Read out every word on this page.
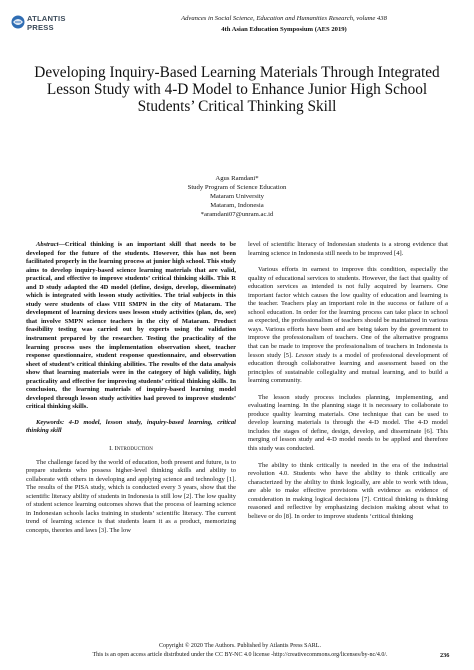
ATLANTIS
PRESS
Advances in Social Science, Education and Humanities Research, volume 438
4th Asian Education Symposium (AES 2019)
Developing Inquiry-Based Learning Materials Through Integrated Lesson Study with 4-D Model to Enhance Junior High School Students’ Critical Thinking Skill
Agus Ramdani*
Study Program of Science Education
Mataram University
Mataram, Indonesia
*aramdani07@unram.ac.id

Abstract—Critical thinking is an important skill that needs to be developed for the future of the students. However, this has not been facilitated properly in the learning process at junior high school. This study aims to develop inquiry-based science learning materials that are valid, practical, and effective to improve students’ critical thinking skills. This R and D study adapted the 4D model (define, design, develop, disseminate) which is integrated with lesson study activities. The trial subjects in this study were students of class VIII SMPN in the city of Mataram. The development of learning devices uses lesson study activities (plan, do, see) that involve SMPN science teachers in the city of Mataram. Product feasibility testing was carried out by experts using the validation instrument prepared by the researcher. Testing the practicality of the learning process uses the implementation observation sheet, teacher response questionnaire, student response questionnaire, and observation sheet of student’s critical thinking abilities. The results of the data analysis show that learning materials were in the category of high validity, high practicality and effective for improving students’ critical thinking skills. In conclusion, the learning materials of inquiry-based learning model developed through lesson study activities had proved to improve students’ critical thinking skills.

Keywords: 4-D model, lesson study, inquiry-based learning, critical thinking skill

I. Introduction

The challenge faced by the world of education, both present and future, is to prepare students who possess higher-level thinking skills and ability to collaborate with others in developing and applying science and technology [1]. The results of the PISA study, which is conducted every 3 years, show that the scientific literacy ability of students in Indonesia is still low [2]. The low quality of student science learning outcomes shows that the process of learning science in Indonesian schools lacks training in students’ scientific literacy. The current trend of learning science is that students learn it as a product, memorizing concepts, theories and laws [3]. The low

level of scientific literacy of Indonesian students is a strong evidence that learning science in Indonesia still needs to be improved [4].

Various efforts in earnest to improve this condition, especially the quality of educational services to students. However, the fact that quality of education services as intended is not fully acquired by learners. One important factor which causes the low quality of education and learning is the teacher. Teachers play an important role in the success or failure of a school education. In order for the learning process can take place in school as expected, the professionalism of teachers should be maintained in various ways. Various efforts have been and are being taken by the government to improve the professionalism of teachers. One of the alternative programs that can be made to improve the professionalism of teachers in Indonesia is lesson study [5]. Lesson study is a model of professional development of education through collaborative learning and assessment based on the principles of sustainable collegiality and mutual learning, and to build a learning community.

The lesson study process includes planning, implementing, and evaluating learning. In the planning stage it is necessary to collaborate to produce quality learning materials. One technique that can be used to develop learning materials is through the 4-D model. The 4-D model includes the stages of define, design, develop, and disseminate [6]. This merging of lesson study and 4-D model needs to be applied and therefore this study was conducted.

The ability to think critically is needed in the era of the industrial revolution 4.0. Students who have the ability to think critically are characterized by the ability to think logically, are able to work with ideas, are able to make effective provisions with evidence as evidence of consideration in making logical decisions [7]. Critical thinking is thinking reasoned and reflective by emphasizing decision making about what to believe or do [8]. In order to improve students ‘critical thinking

Copyright © 2020 The Authors. Published by Atlantis Press SARL.
This is an open access article distributed under the CC BY-NC 4.0 license -http://creativecommons.org/licenses/by-nc/4.0/.	236
